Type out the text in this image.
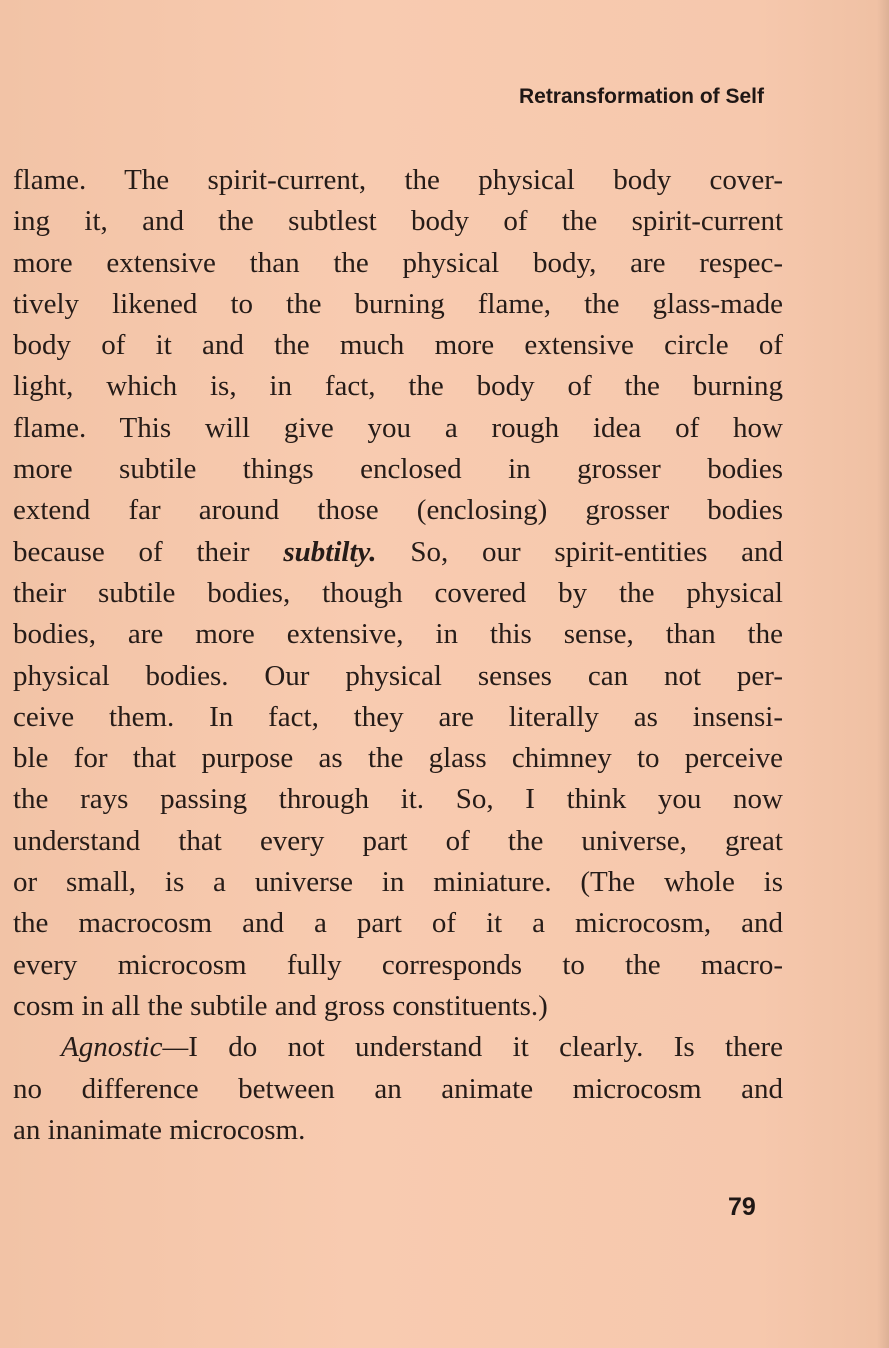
Retransformation of Self
flame. The spirit-current, the physical body cover-
ing it, and the subtlest body of the spirit-current
more extensive than the physical body, are respec-
tively likened to the burning flame, the glass-made
body of it and the much more extensive circle of
light, which is, in fact, the body of the burning
flame. This will give you a rough idea of how
more subtile things enclosed in grosser bodies
extend far around those (enclosing) grosser bodies
because of their subtilty. So, our spirit-entities and
their subtile bodies, though covered by the physical
bodies, are more extensive, in this sense, than the
physical bodies. Our physical senses can not per-
ceive them. In fact, they are literally as insensi-
ble for that purpose as the glass chimney to perceive
the rays passing through it. So, I think you now
understand that every part of the universe, great
or small, is a universe in miniature. (The whole is
the macrocosm and a part of it a microcosm, and
every microcosm fully corresponds to the macro-
cosm in all the subtile and gross constituents.)
Agnostic—I do not understand it clearly. Is there
no difference between an animate microcosm and
an inanimate microcosm.
79
